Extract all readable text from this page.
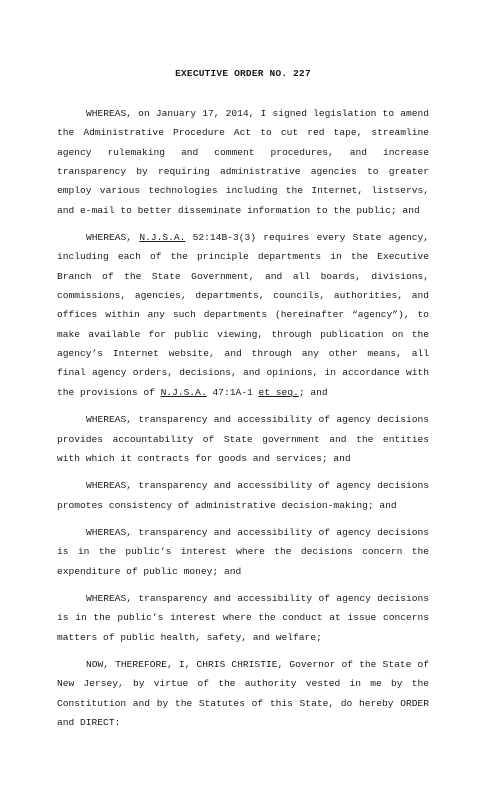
EXECUTIVE ORDER NO. 227

WHEREAS, on January 17, 2014, I signed legislation to amend the Administrative Procedure Act to cut red tape, streamline agency rulemaking and comment procedures, and increase transparency by requiring administrative agencies to greater employ various technologies including the Internet, listservs, and e-mail to better disseminate information to the public; and

WHEREAS, N.J.S.A. 52:14B-3(3) requires every State agency, including each of the principle departments in the Executive Branch of the State Government, and all boards, divisions, commissions, agencies, departments, councils, authorities, and offices within any such departments (hereinafter “agency”), to make available for public viewing, through publication on the agency’s Internet website, and through any other means, all final agency orders, decisions, and opinions, in accordance with the provisions of N.J.S.A. 47:1A-1 et seq.; and

WHEREAS, transparency and accessibility of agency decisions provides accountability of State government and the entities with which it contracts for goods and services; and

WHEREAS, transparency and accessibility of agency decisions promotes consistency of administrative decision-making; and

WHEREAS, transparency and accessibility of agency decisions is in the public’s interest where the decisions concern the expenditure of public money; and

WHEREAS, transparency and accessibility of agency decisions is in the public’s interest where the conduct at issue concerns matters of public health, safety, and welfare;

NOW, THEREFORE, I, CHRIS CHRISTIE, Governor of the State of New Jersey, by virtue of the authority vested in me by the Constitution and by the Statutes of this State, do hereby ORDER and DIRECT:
